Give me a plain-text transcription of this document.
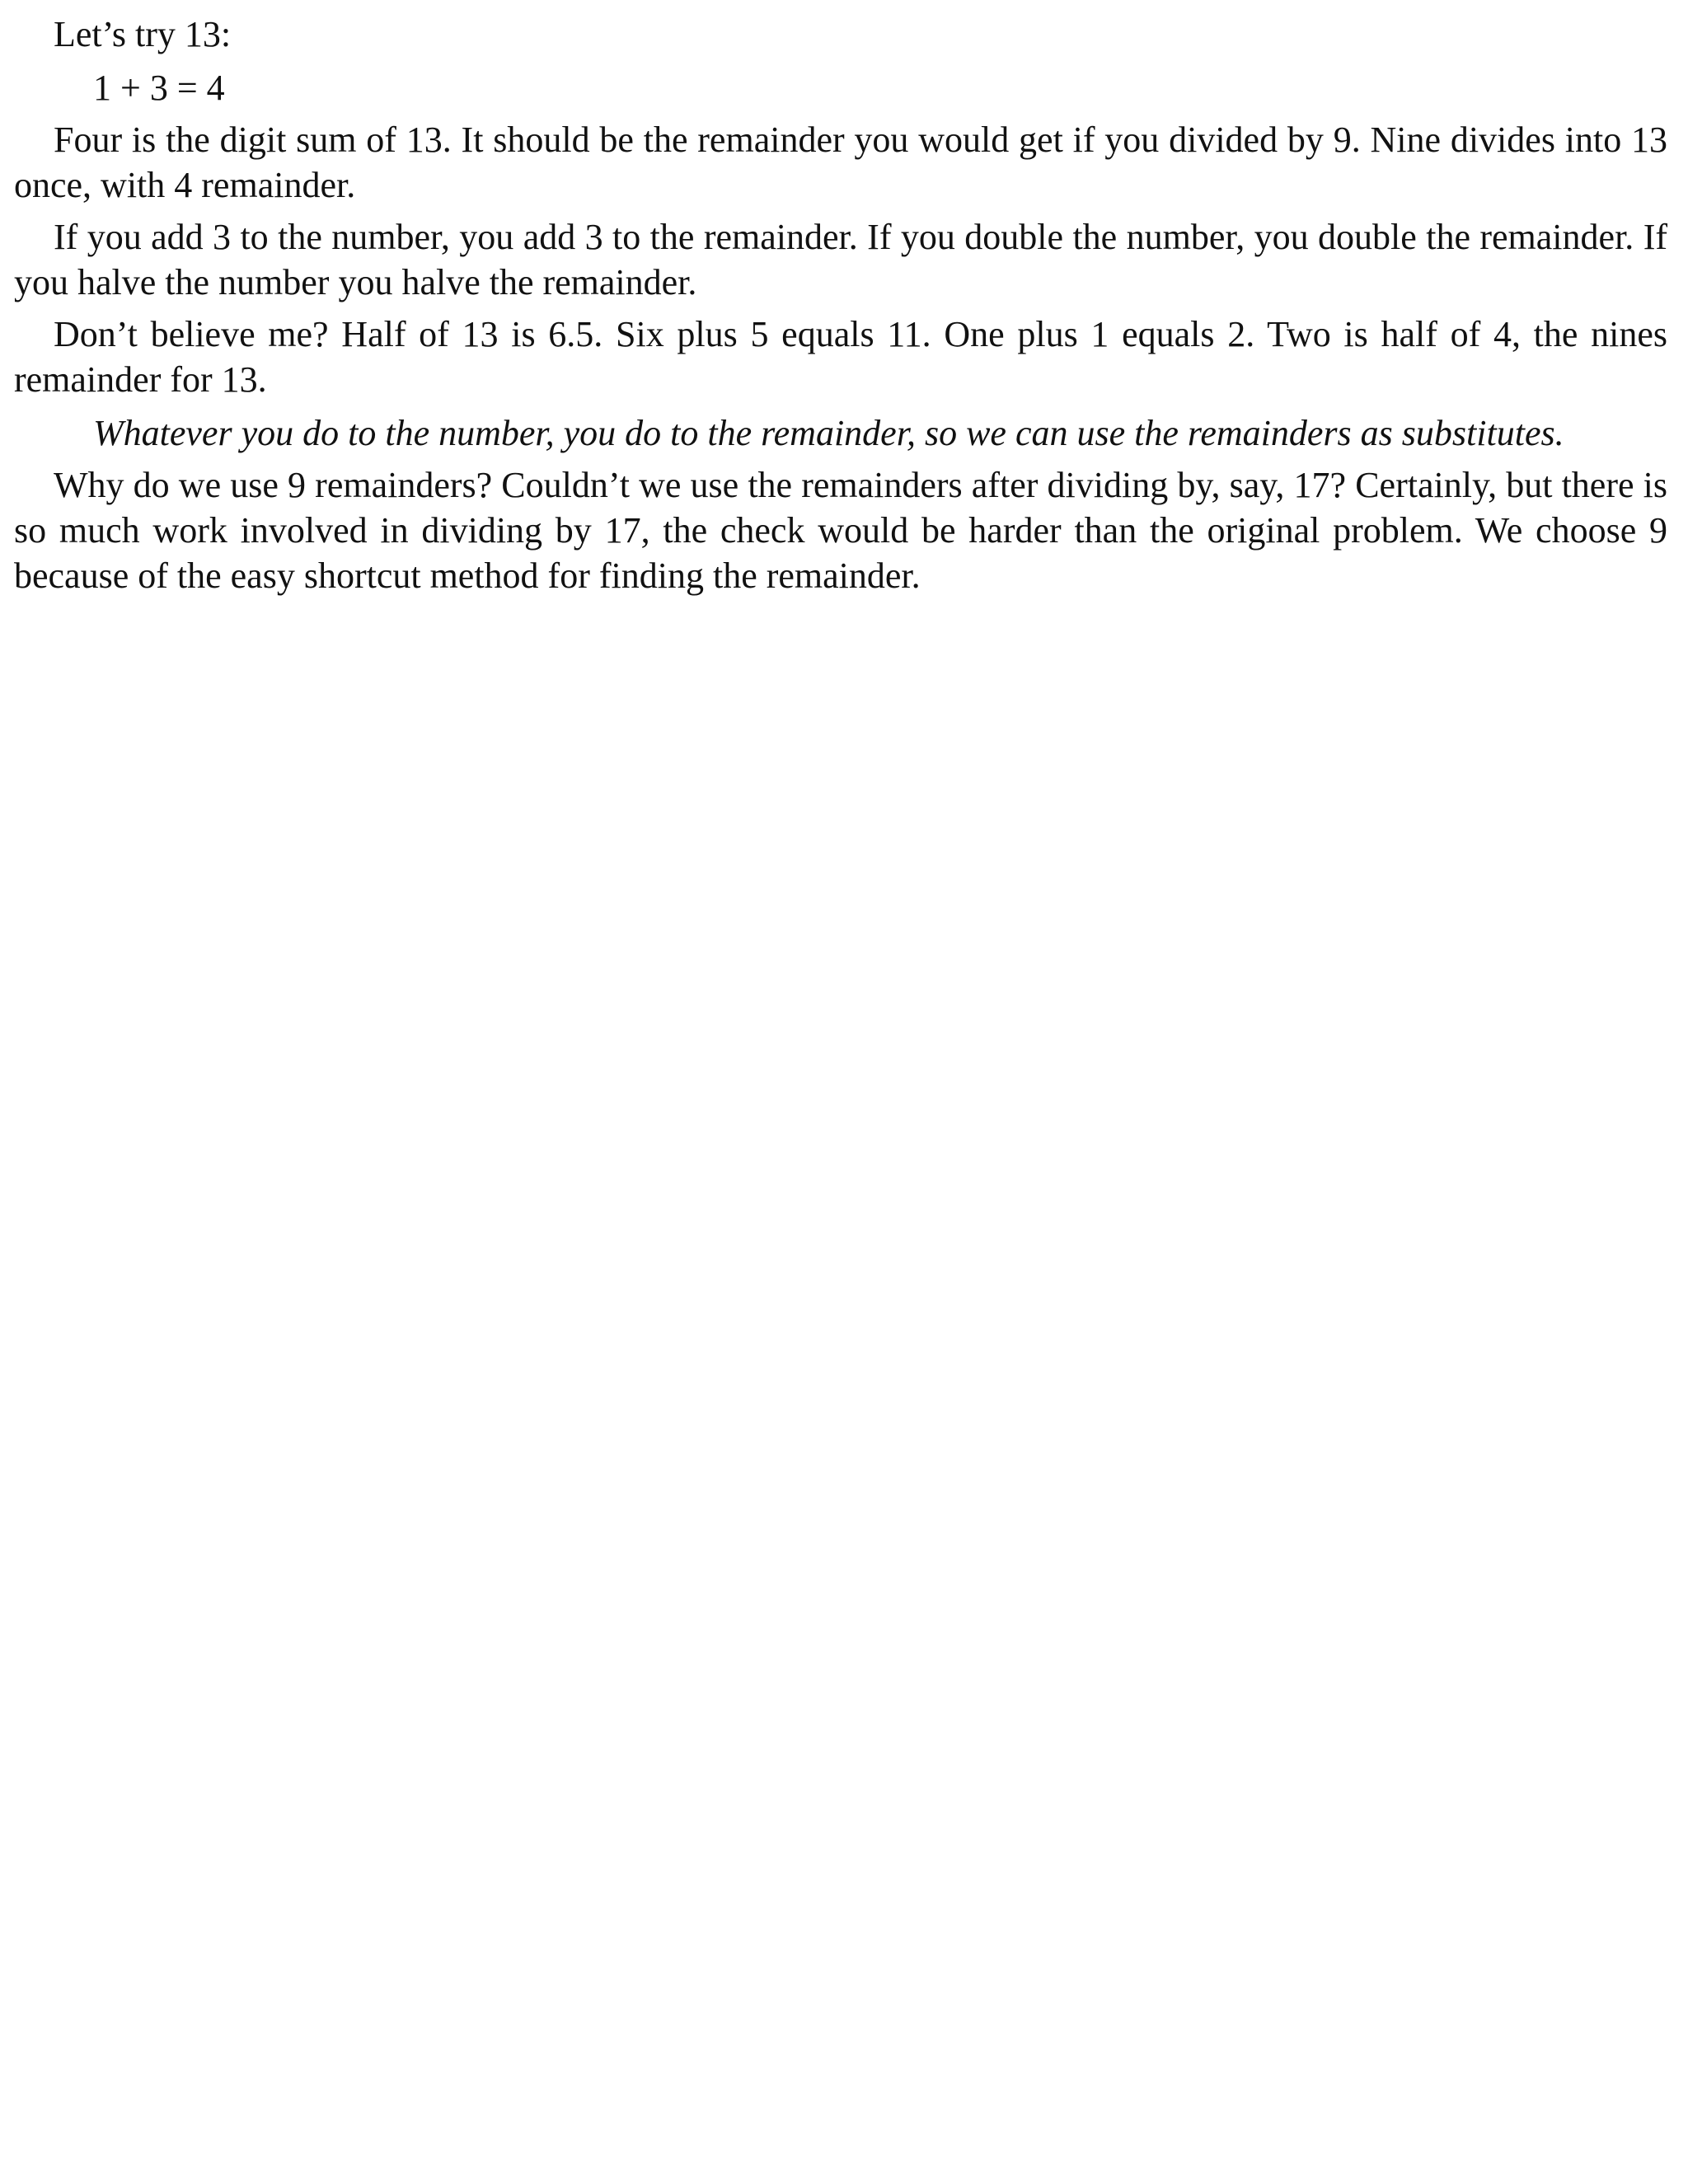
Let’s try 13:

1 + 3 = 4

Four is the digit sum of 13. It should be the remainder you would get if you divided by 9. Nine divides into 13 once, with 4 remainder.

If you add 3 to the number, you add 3 to the remainder. If you double the number, you double the remainder. If you halve the number you halve the remainder.

Don’t believe me? Half of 13 is 6.5. Six plus 5 equals 11. One plus 1 equals 2. Two is half of 4, the nines remainder for 13.

Whatever you do to the number, you do to the remainder, so we can use the remainders as substitutes.

Why do we use 9 remainders? Couldn’t we use the remainders after dividing by, say, 17? Certainly, but there is so much work involved in dividing by 17, the check would be harder than the original problem. We choose 9 because of the easy shortcut method for finding the remainder.
